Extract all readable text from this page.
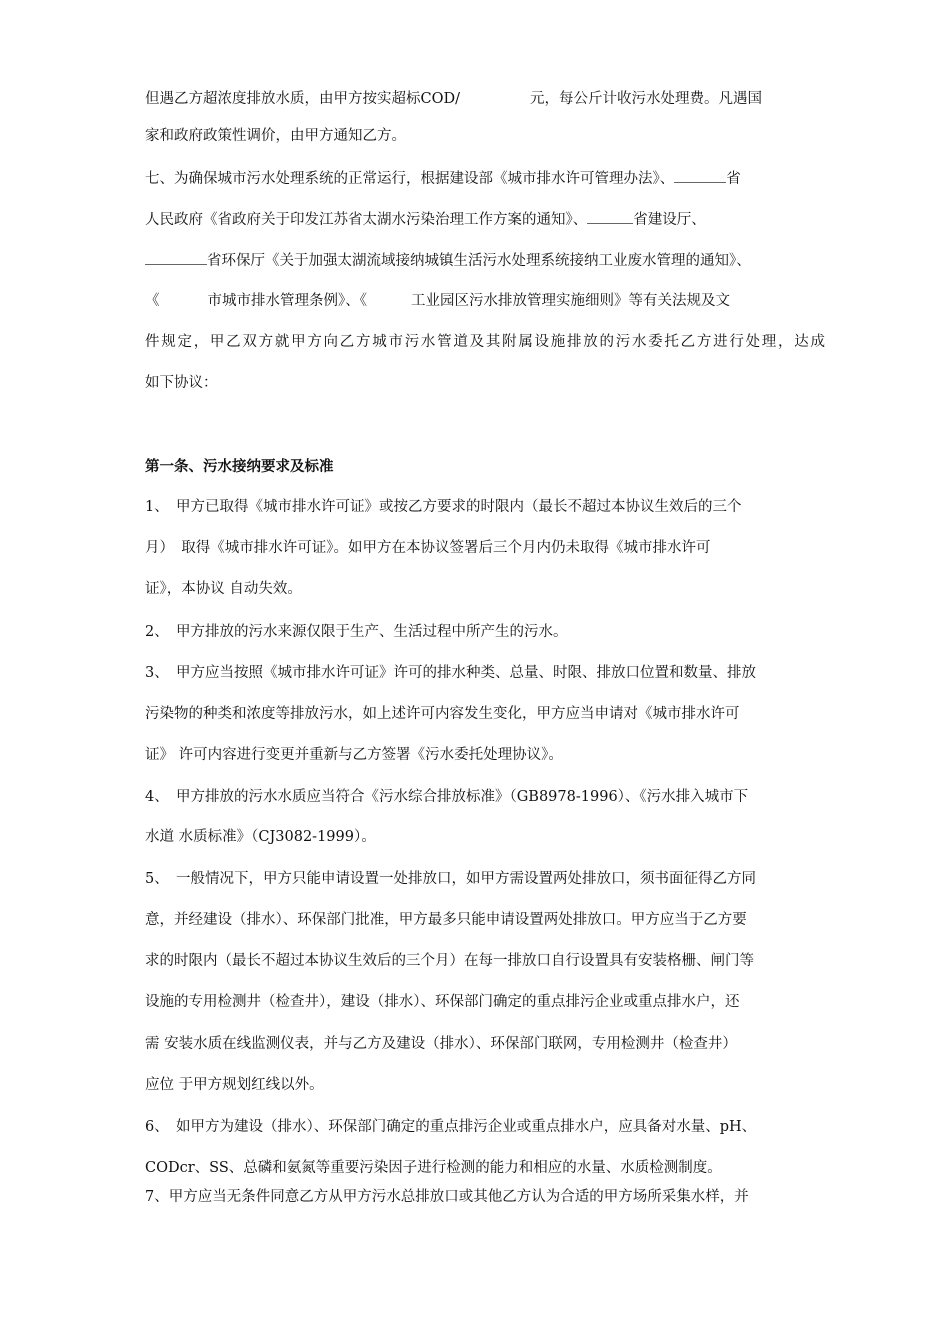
但遇乙方超浓度排放水质，由甲方按实超标COD/	元，每公斤计收污水处理费。凡遇国
家和政府政策性调价，由甲方通知乙方。
七、为确保城市污水处理系统的正常运行，根据建设部《城市排水许可管理办法》、	省
人民政府《省政府关于印发江苏省太湖水污染治理工作方案的通知》、	省建设厅、
省环保厅《关于加强太湖流域接纳城镇生活污水处理系统接纳工业废水管理的通知》、
《	市城市排水管理条例》、《	工业园区污水排放管理实施细则》等有关法规及文
件规定，甲乙双方就甲方向乙方城市污水管道及其附属设施排放的污水委托乙方进行处理，达成
如下协议：
第一条、污水接纳要求及标准
1、　甲方已取得《城市排水许可证》或按乙方要求的时限内（最长不超过本协议生效后的三个
月）　取得《城市排水许可证》。如甲方在本协议签署后三个月内仍未取得《城市排水许可
证》，本协议 自动失效。
2、　甲方排放的污水来源仅限于生产、生活过程中所产生的污水。
3、　甲方应当按照《城市排水许可证》许可的排水种类、总量、时限、排放口位置和数量、排放
污染物的种类和浓度等排放污水，如上述许可内容发生变化，甲方应当申请对《城市排水许可
证》 许可内容进行变更并重新与乙方签署《污水委托处理协议》。
4、　甲方排放的污水水质应当符合《污水综合排放标准》（GB8978-1996）、《污水排入城市下
水道 水质标准》（CJ3082-1999）。
5、　一般情况下，甲方只能申请设置一处排放口，如甲方需设置两处排放口，须书面征得乙方同
意，并经建设（排水）、环保部门批准，甲方最多只能申请设置两处排放口。甲方应当于乙方要
求的时限内（最长不超过本协议生效后的三个月）在每一排放口自行设置具有安装格栅、闸门等
设施的专用检测井（检查井），建设（排水）、环保部门确定的重点排污企业或重点排水户，还
需 安装水质在线监测仪表，并与乙方及建设（排水）、环保部门联网，专用检测井（检查井）
应位 于甲方规划红线以外。
6、　如甲方为建设（排水）、环保部门确定的重点排污企业或重点排水户，应具备对水量、pH、
CODcr、SS、总磷和氨氮等重要污染因子进行检测的能力和相应的水量、水质检测制度。
7、甲方应当无条件同意乙方从甲方污水总排放口或其他乙方认为合适的甲方场所采集水样，并
